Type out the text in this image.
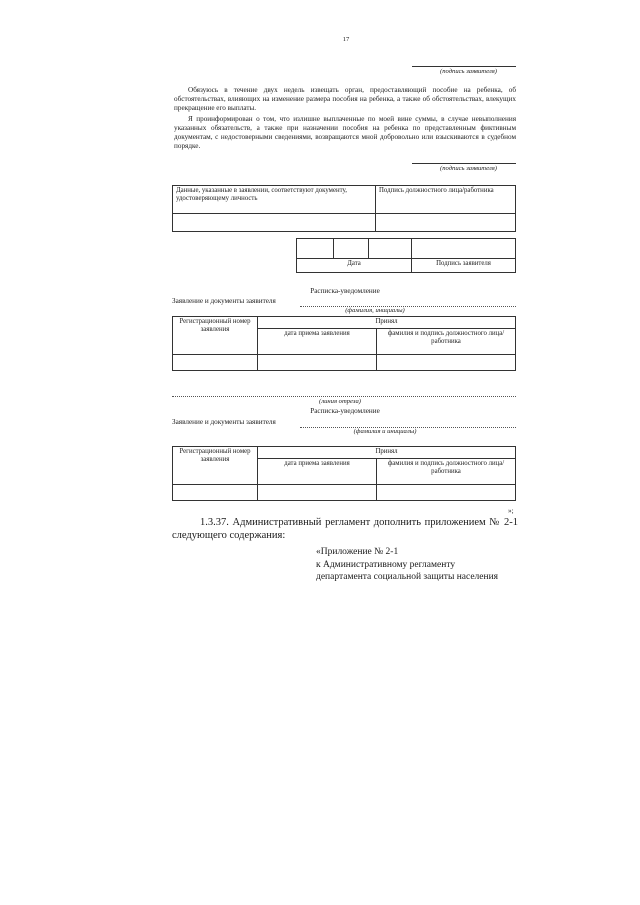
17
(подпись заявителя)
Обязуюсь в течение двух недель извещать орган, предоставляющий пособие на ребенка, об обстоятельствах, влияющих на изменение размера пособия на ребенка, а также об обстоятельствах, влекущих прекращение его выплаты.
Я проинформирован о том, что излишне выплаченные по моей вине суммы, в случае невыполнения указанных обязательств, а также при назначении пособия на ребенка по представленным фиктивным документам, с недостоверными сведениями, возвращаются мной добровольно или взыскиваются в судебном порядке.
(подпись заявителя)
Данные, указанные в заявлении, соответствуют документу, удостоверяющему личность	Подпись должностного лица/работника

Дата			Подпись заявителя
Расписка-уведомление
Заявление и документы заявителя
(фамилия, инициалы)
Регистрационный номер заявления	Принял	
	дата приема заявления	фамилия и подпись должностного лица/работника

(линия отреза)
Расписка-уведомление
Заявление и документы заявителя
(фамилия и инициалы)
Регистрационный номер заявления	Принял	
	дата приема заявления	фамилия и подпись должностного лица/работника

»;
1.3.37. Административный регламент дополнить приложением № 2-1 следующего содержания:
«Приложение № 2-1
к Административному регламенту
департамента социальной защиты населения
